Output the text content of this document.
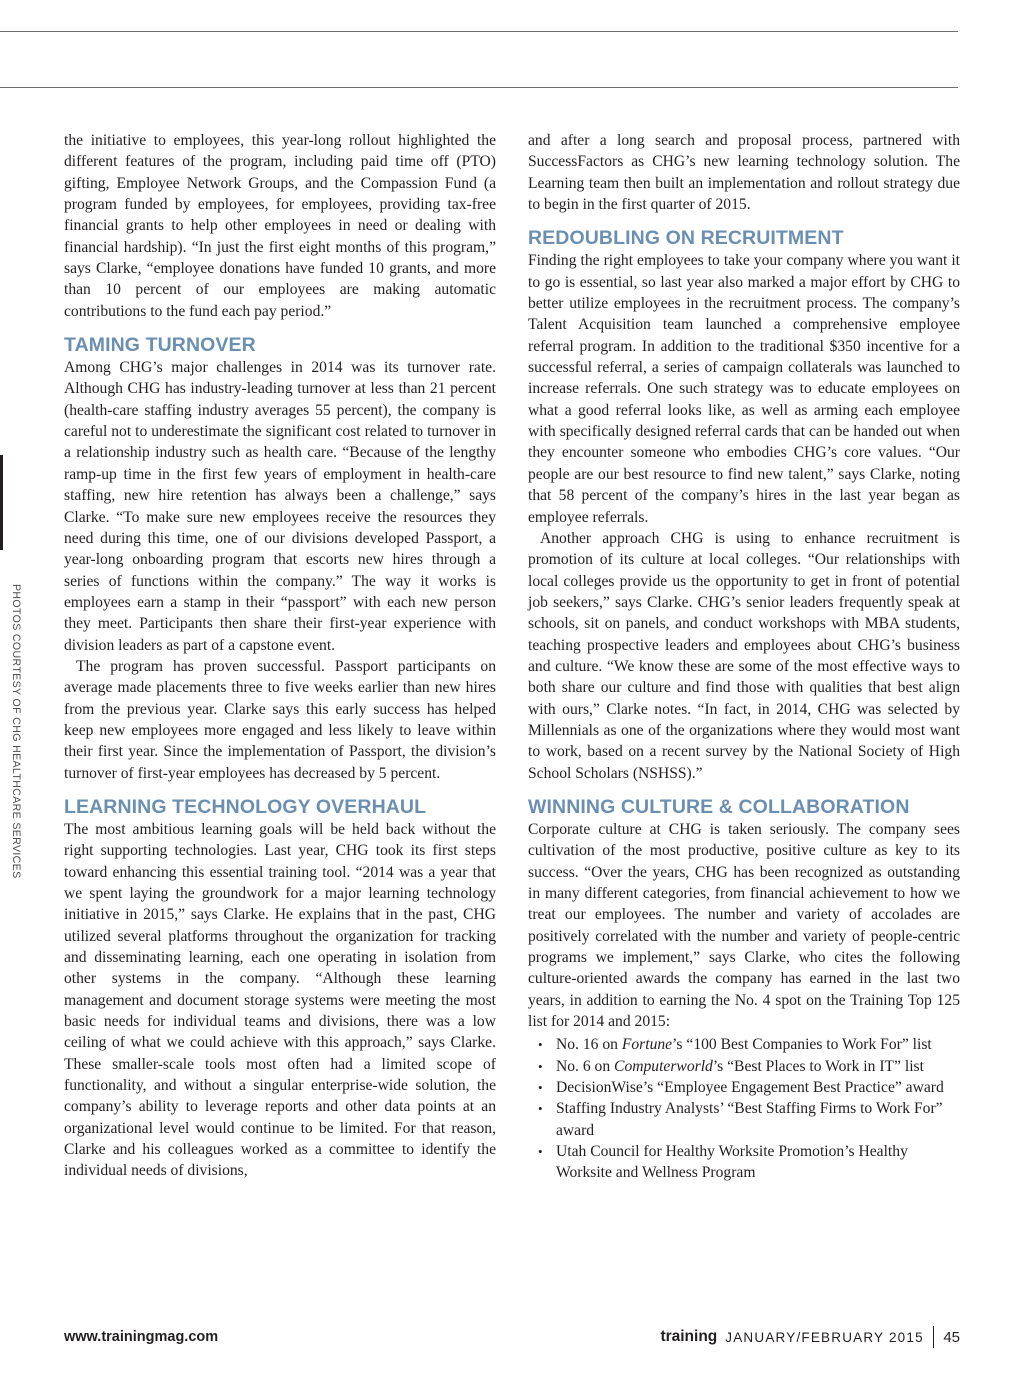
PHOTOS COURTESY OF CHG HEALTHCARE SERVICES

the initiative to employees, this year-long rollout highlighted the different features of the program, including paid time off (PTO) gifting, Employee Network Groups, and the Compassion Fund (a program funded by employees, for employees, providing tax-free financial grants to help other employees in need or dealing with financial hardship). “In just the first eight months of this program,” says Clarke, “employee donations have funded 10 grants, and more than 10 percent of our employees are making automatic contributions to the fund each pay period.”

TAMING TURNOVER

Among CHG’s major challenges in 2014 was its turnover rate. Although CHG has industry-leading turnover at less than 21 percent (health-care staffing industry averages 55 percent), the company is careful not to underestimate the significant cost related to turnover in a relationship industry such as health care. “Because of the lengthy ramp-up time in the first few years of employment in health-care staffing, new hire retention has always been a challenge,” says Clarke. “To make sure new employees receive the resources they need during this time, one of our divisions developed Passport, a year-long onboarding program that escorts new hires through a series of functions within the company.” The way it works is employees earn a stamp in their “passport” with each new person they meet. Participants then share their first-year experience with division leaders as part of a capstone event.

The program has proven successful. Passport participants on average made placements three to five weeks earlier than new hires from the previous year. Clarke says this early success has helped keep new employees more engaged and less likely to leave within their first year. Since the implementation of Passport, the division’s turnover of first-year employees has decreased by 5 percent.

LEARNING TECHNOLOGY OVERHAUL

The most ambitious learning goals will be held back without the right supporting technologies. Last year, CHG took its first steps toward enhancing this essential training tool. “2014 was a year that we spent laying the groundwork for a major learning technology initiative in 2015,” says Clarke. He explains that in the past, CHG utilized several platforms throughout the organization for tracking and disseminating learning, each one operating in isolation from other systems in the company. “Although these learning management and document storage systems were meeting the most basic needs for individual teams and divisions, there was a low ceiling of what we could achieve with this approach,” says Clarke. These smaller-scale tools most often had a limited scope of functionality, and without a singular enterprise-wide solution, the company’s ability to leverage reports and other data points at an organizational level would continue to be limited. For that reason, Clarke and his colleagues worked as a committee to identify the individual needs of divisions,

and after a long search and proposal process, partnered with SuccessFactors as CHG’s new learning technology solution. The Learning team then built an implementation and rollout strategy due to begin in the first quarter of 2015.

REDOUBLING ON RECRUITMENT

Finding the right employees to take your company where you want it to go is essential, so last year also marked a major effort by CHG to better utilize employees in the recruitment process. The company’s Talent Acquisition team launched a comprehensive employee referral program. In addition to the traditional $350 incentive for a successful referral, a series of campaign collaterals was launched to increase referrals. One such strategy was to educate employees on what a good referral looks like, as well as arming each employee with specifically designed referral cards that can be handed out when they encounter someone who embodies CHG’s core values. “Our people are our best resource to find new talent,” says Clarke, noting that 58 percent of the company’s hires in the last year began as employee referrals.

Another approach CHG is using to enhance recruitment is promotion of its culture at local colleges. “Our relationships with local colleges provide us the opportunity to get in front of potential job seekers,” says Clarke. CHG’s senior leaders frequently speak at schools, sit on panels, and conduct workshops with MBA students, teaching prospective leaders and employees about CHG’s business and culture. “We know these are some of the most effective ways to both share our culture and find those with qualities that best align with ours,” Clarke notes. “In fact, in 2014, CHG was selected by Millennials as one of the organizations where they would most want to work, based on a recent survey by the National Society of High School Scholars (NSHSS).”

WINNING CULTURE & COLLABORATION

Corporate culture at CHG is taken seriously. The company sees cultivation of the most productive, positive culture as key to its success. “Over the years, CHG has been recognized as outstanding in many different categories, from financial achievement to how we treat our employees. The number and variety of accolades are positively correlated with the number and variety of people-centric programs we implement,” says Clarke, who cites the following culture-oriented awards the company has earned in the last two years, in addition to earning the No. 4 spot on the Training Top 125 list for 2014 and 2015:

• No. 16 on Fortune’s “100 Best Companies to Work For” list
• No. 6 on Computerworld’s “Best Places to Work in IT” list
• DecisionWise’s “Employee Engagement Best Practice” award
• Staffing Industry Analysts’ “Best Staffing Firms to Work For” award
• Utah Council for Healthy Worksite Promotion’s Healthy Worksite and Wellness Program
www.trainingmag.com	training JANUARY/FEBRUARY 2015 45
